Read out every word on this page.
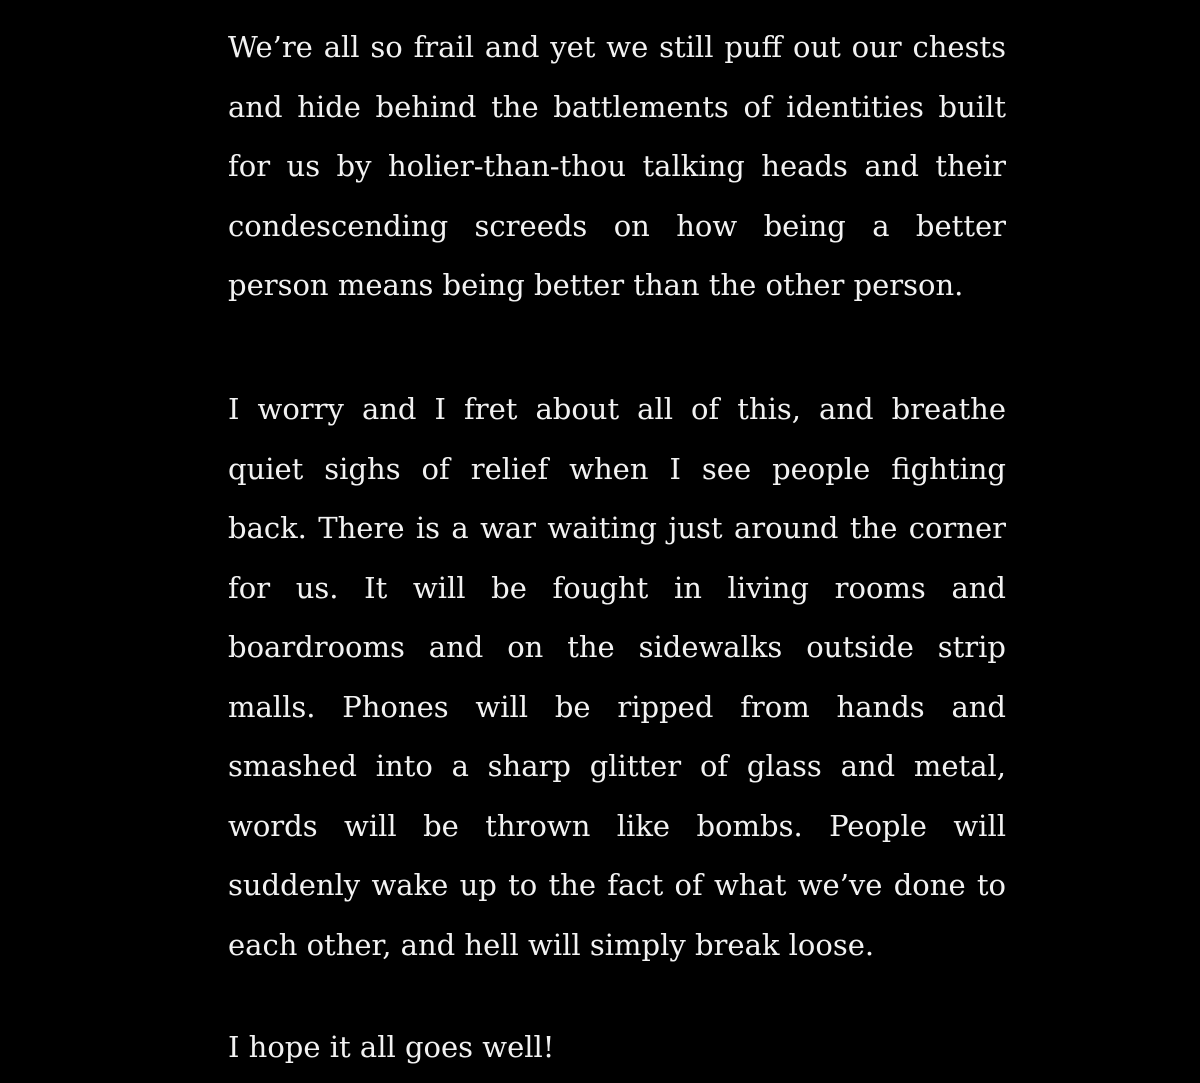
We’re all so frail and yet we still puff out our chests
and hide behind the battlements of identities built
for us by holier-than-thou talking heads and their
condescending screeds on how being a better
person means being better than the other person.

I worry and I fret about all of this, and breathe
quiet sighs of relief when I see people fighting
back. There is a war waiting just around the corner
for us. It will be fought in living rooms and
boardrooms and on the sidewalks outside strip
malls. Phones will be ripped from hands and
smashed into a sharp glitter of glass and metal,
words will be thrown like bombs. People will
suddenly wake up to the fact of what we’ve done to
each other, and hell will simply break loose.

I hope it all goes well!
